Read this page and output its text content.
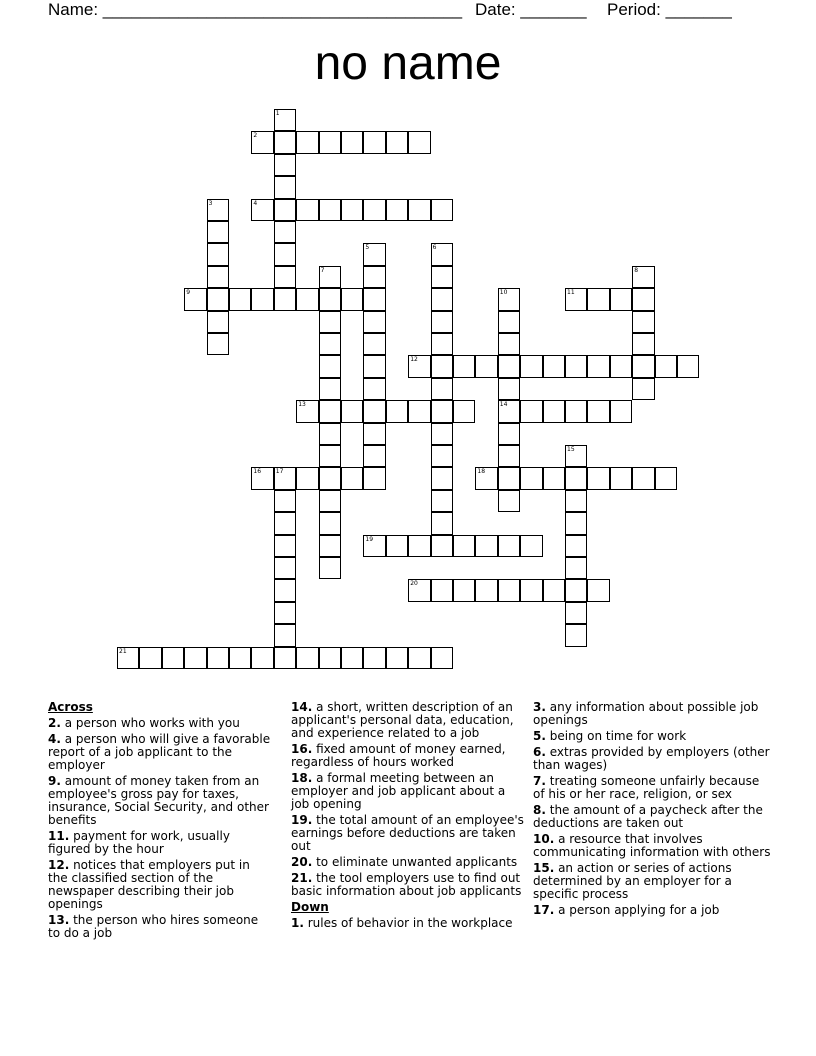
Name: ______________________________________ Date: _______ Period: _______
no name
2
4
9	11
12
13	14
16 17	18
19
20
21
1
3
5	6
7	8
10
15
Across
2. a person who works with you
4. a person who will give a favorable report of a job applicant to the employer
9. amount of money taken from an employee's gross pay for taxes, insurance, Social Security, and other benefits
11. payment for work, usually figured by the hour
12. notices that employers put in the classified section of the newspaper describing their job openings
13. the person who hires someone to do a job
14. a short, written description of an applicant's personal data, education, and experience related to a job
16. fixed amount of money earned, regardless of hours worked
18. a formal meeting between an employer and job applicant about a job opening
19. the total amount of an employee's earnings before deductions are taken out
20. to eliminate unwanted applicants
21. the tool employers use to find out basic information about job applicants
Down
1. rules of behavior in the workplace
3. any information about possible job openings
5. being on time for work
6. extras provided by employers (other than wages)
7. treating someone unfairly because of his or her race, religion, or sex
8. the amount of a paycheck after the deductions are taken out
10. a resource that involves communicating information with others
15. an action or series of actions determined by an employer for a specific process
17. a person applying for a job
